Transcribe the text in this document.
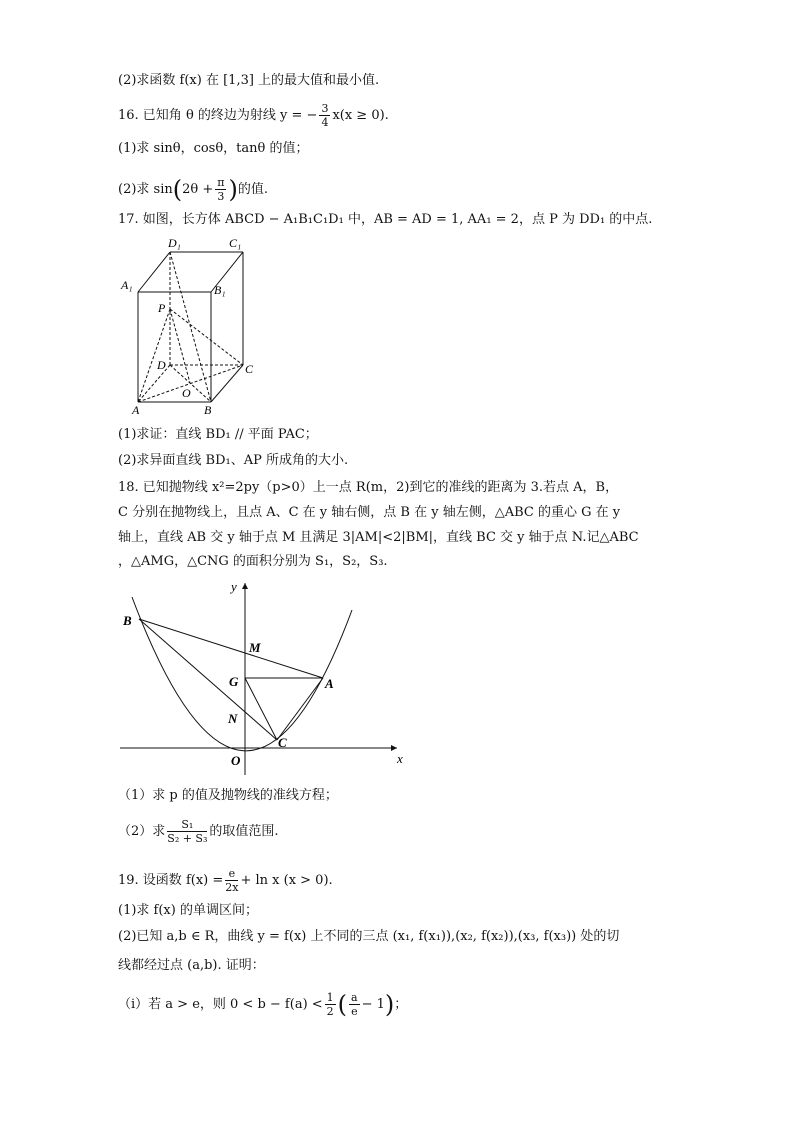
(2)求函数 f(x) 在 [1,3] 上的最大值和最小值.
16. 已知角 θ 的终边为射线 y = − $\frac{3}{4} x(x \ge 0)$.
(1)求 sinθ，cosθ，tanθ 的值；
(2)求 $\sin(2\theta + \frac{\pi}{3}$ )的值.
17. 如图，长方体 ABCD − A₁B₁C₁D₁ 中，AB = AD = 1, AA₁ = 2，点 P 为 DD₁ 的中点.
D₁	C₁
A₁	B₁
P
D	C
O
A	B
(1)求证：直线 BD₁ // 平面 PAC；
(2)求异面直线 BD₁、AP 所成角的大小.
18. 已知抛物线 x²=2py（p>0）上一点 R(m，2)到它的准线的距离为 3.若点 A，B，
C 分别在抛物线上，且点 A、C 在 y 轴右侧，点 B 在 y 轴左侧，△ABC 的重心 G 在 y
轴上，直线 AB 交 y 轴于点 M 且满足 3|AM|<2|BM|，直线 BC 交 y 轴于点 N.记△ABC
，△AMG，△CNG 的面积分别为 S₁，S₂，S₃.
y
x
O
B
M
G	A
N
C
（1）求 p 的值及抛物线的准线方程；
（2）求 $\frac{\text{S₁}}{\text{S₂ + S₃}}$ 的取值范围.
19. 设函数 $f(x) = \frac{e}{2x} + \ln x$ (x > 0).
(1)求 f(x) 的单调区间；
(2)已知 a,b ∈ R，曲线 y = f(x) 上不同的三点 (x₁, f(x₁)),(x₂, f(x₂)),(x₃, f(x₃)) 处的切
线都经过点 (a,b). 证明：
（ⅰ）若 a > e，则 $0 < b - f(a) < \frac{1}{2}$ ( $\frac{a}{e} - 1$)；
